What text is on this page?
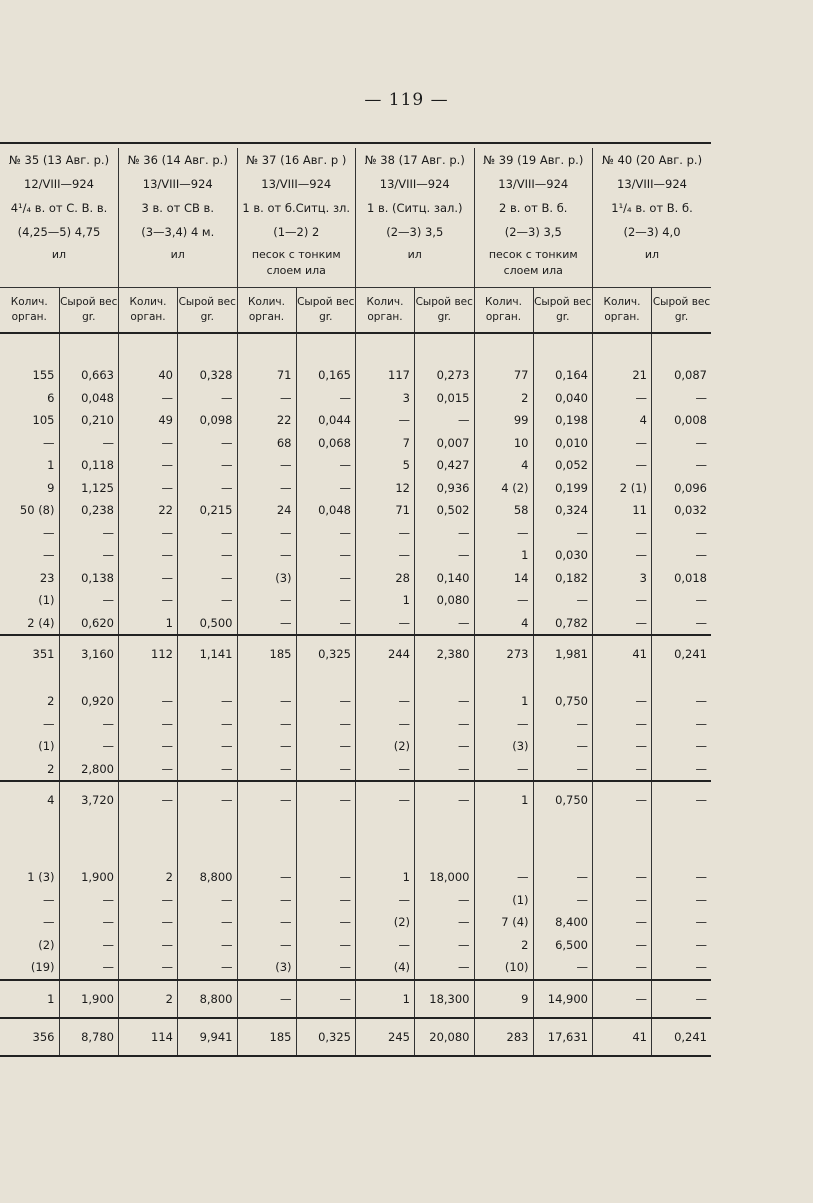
— 119 —

№ 35 (13 Авг. р.)		№ 36 (14 Авг. р.)		№ 37 (16 Авг. р )		№ 38 (17 Авг. р.)		№ 39 (19 Авг. р.)		№ 40 (20 Авг. р.)	
12/VIII—924		13/VIII—924		13/VIII—924		13/VIII—924		13/VIII—924		13/VIII—924	
4¹/₄ в. от С. В. в.		3 в. от СВ в.		1 в. от б.Ситц. зл.		1 в. (Ситц. зал.)		2 в. от В. б.		1¹/₄ в. от В. б.	
(4,25—5) 4,75		(3—3,4) 4 м.		(1—2) 2		(2—3) 3,5		(2—3) 3,5		(2—3) 4,0	
ил		ил		песок с тонким слоем ила		ил		песок с тонким слоем ила		ил	
Колич. орган.	Сырой вес gr.	Колич. орган.	Сырой вес gr.	Колич. орган.	Сырой вес gr.	Колич. орган.	Сырой вес gr.	Колич. орган.	Сырой вес gr.	Колич. орган.	Сырой вес gr.

155	0,663	40	0,328	71	0,165	117	0,273	77	0,164	21	0,087
6	0,048	—	—	—	—	3	0,015	2	0,040	—	—
105	0,210	49	0,098	22	0,044	—	—	99	0,198	4	0,008
—	—	—	—	68	0,068	7	0,007	10	0,010	—	—
1	0,118	—	—	—	—	5	0,427	4	0,052	—	—
9	1,125	—	—	—	—	12	0,936	4 (2)	0,199	2 (1)	0,096
50 (8)	0,238	22	0,215	24	0,048	71	0,502	58	0,324	11	0,032
—	—	—	—	—	—	—	—	—	—	—	—
—	—	—	—	—	—	—	—	1	0,030	—	—
23	0,138	—	—	(3)	—	28	0,140	14	0,182	3	0,018
(1)	—	—	—	—	—	1	0,080	—	—	—	—
2 (4)	0,620	1	0,500	—	—	—	—	4	0,782	—	—
351	3,160	112	1,141	185	0,325	244	2,380	273	1,981	41	0,241

2	0,920	—	—	—	—	—	—	1	0,750	—	—
—	—	—	—	—	—	—	—	—	—	—	—
(1)	—	—	—	—	—	(2)	—	(3)	—	—	—
2	2,800	—	—	—	—	—	—	—	—	—	—
4	3,720	—	—	—	—	—	—	1	0,750	—	—

1 (3)	1,900	2	8,800	—	—	1	18,000	—	—	—	—
—	—	—	—	—	—	—	—	(1)	—	—	—
—	—	—	—	—	—	(2)	—	7 (4)	8,400	—	—
(2)	—	—	—	—	—	—	—	2	6,500	—	—
(19)	—	—	—	(3)	—	(4)	—	(10)	—	—	—
1	1,900	2	8,800	—	—	1	18,300	9	14,900	—	—
356	8,780	114	9,941	185	0,325	245	20,080	283	17,631	41	0,241
